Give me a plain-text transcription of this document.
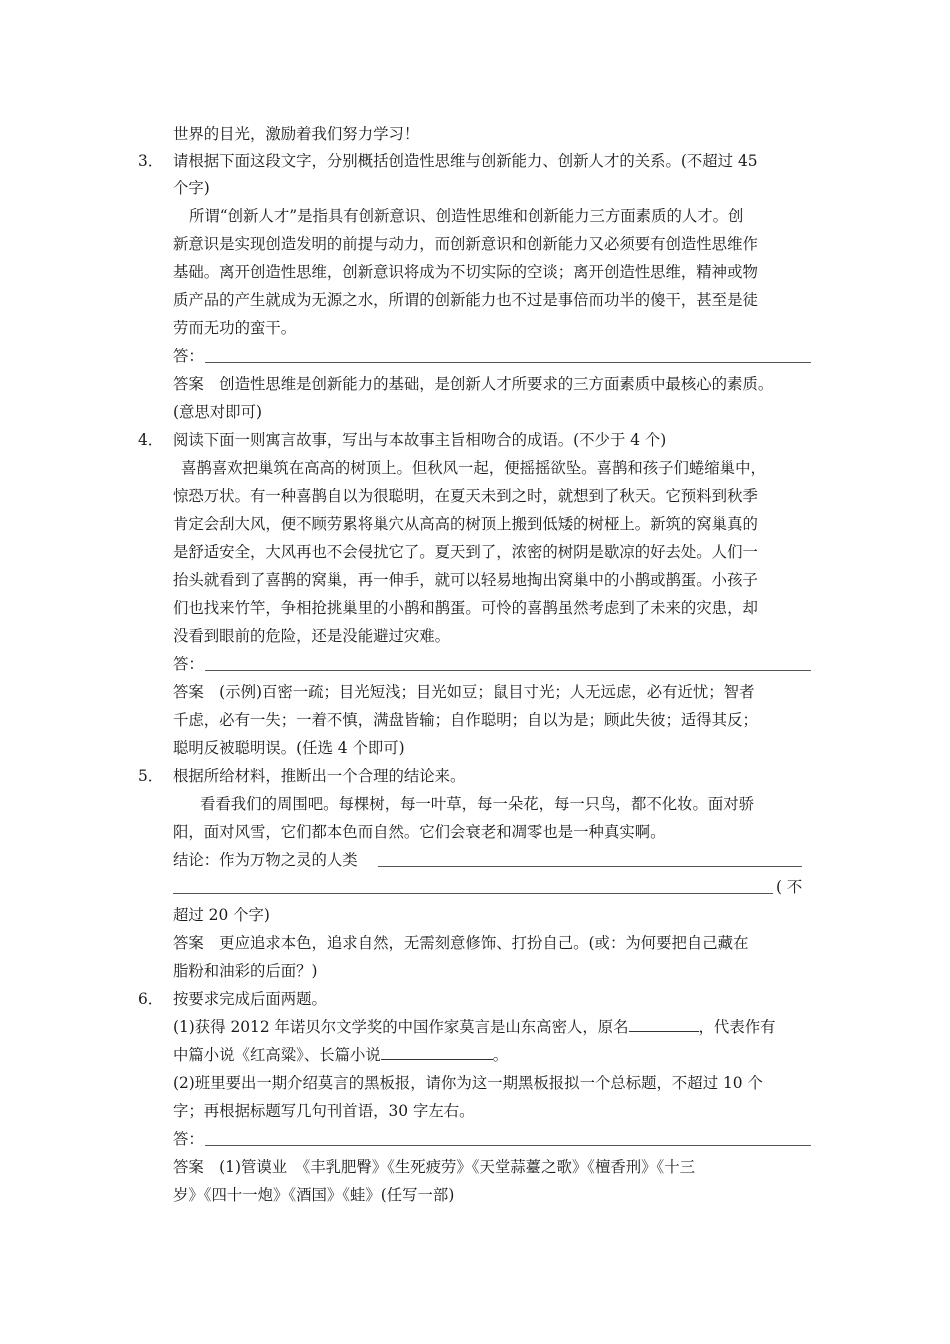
世界的目光，激励着我们努力学习！
3． 请根据下面这段文字，分别概括创造性思维与创新能力、创新人才的关系。(不超过 45
个字)
所谓“创新人才”是指具有创新意识、创造性思维和创新能力三方面素质的人才。创
新意识是实现创造发明的前提与动力，而创新意识和创新能力又必须要有创造性思维作
基础。离开创造性思维，创新意识将成为不切实际的空谈；离开创造性思维，精神或物
质产品的产生就成为无源之水，所谓的创新能力也不过是事倍而功半的傻干，甚至是徒
劳而无功的蛮干。
答：
答案　创造性思维是创新能力的基础，是创新人才所要求的三方面素质中最核心的素质。
(意思对即可)
4． 阅读下面一则寓言故事，写出与本故事主旨相吻合的成语。(不少于 4 个)
喜鹊喜欢把巢筑在高高的树顶上。但秋风一起，便摇摇欲坠。喜鹊和孩子们蜷缩巢中，
惊恐万状。有一种喜鹊自以为很聪明，在夏天未到之时，就想到了秋天。它预料到秋季
肯定会刮大风，便不顾劳累将巢穴从高高的树顶上搬到低矮的树桠上。新筑的窝巢真的
是舒适安全，大风再也不会侵扰它了。夏天到了，浓密的树阴是歇凉的好去处。人们一
抬头就看到了喜鹊的窝巢，再一伸手，就可以轻易地掏出窝巢中的小鹊或鹊蛋。小孩子
们也找来竹竿，争相抢挑巢里的小鹊和鹊蛋。可怜的喜鹊虽然考虑到了未来的灾患，却
没看到眼前的危险，还是没能避过灾难。
答：
答案　(示例)百密一疏；目光短浅；目光如豆；鼠目寸光；人无远虑，必有近忧；智者
千虑，必有一失；一着不慎，满盘皆输；自作聪明；自以为是；顾此失彼；适得其反；
聪明反被聪明误。(任选 4 个即可)
5． 根据所给材料，推断出一个合理的结论来。
看看我们的周围吧。每棵树，每一叶草，每一朵花，每一只鸟，都不化妆。面对骄
阳，面对风雪，它们都本色而自然。它们会衰老和凋零也是一种真实啊。
结论：作为万物之灵的人类
( 不
超过 20 个字)
答案　更应追求本色，追求自然，无需刻意修饰、打扮自己。(或：为何要把自己藏在
脂粉和油彩的后面？)
6． 按要求完成后面两题。
(1)获得 2012 年诺贝尔文学奖的中国作家莫言是山东高密人，原名	，代表作有
中篇小说《红高粱》、长篇小说	。
(2)班里要出一期介绍莫言的黑板报，请你为这一期黑板报拟一个总标题，不超过 10 个
字；再根据标题写几句刊首语，30 字左右。
答：
答案　(1)管谟业　《丰乳肥臀》《生死疲劳》《天堂蒜薹之歌》《檀香刑》《十三
岁》《四十一炮》《酒国》《蛙》(任写一部)
